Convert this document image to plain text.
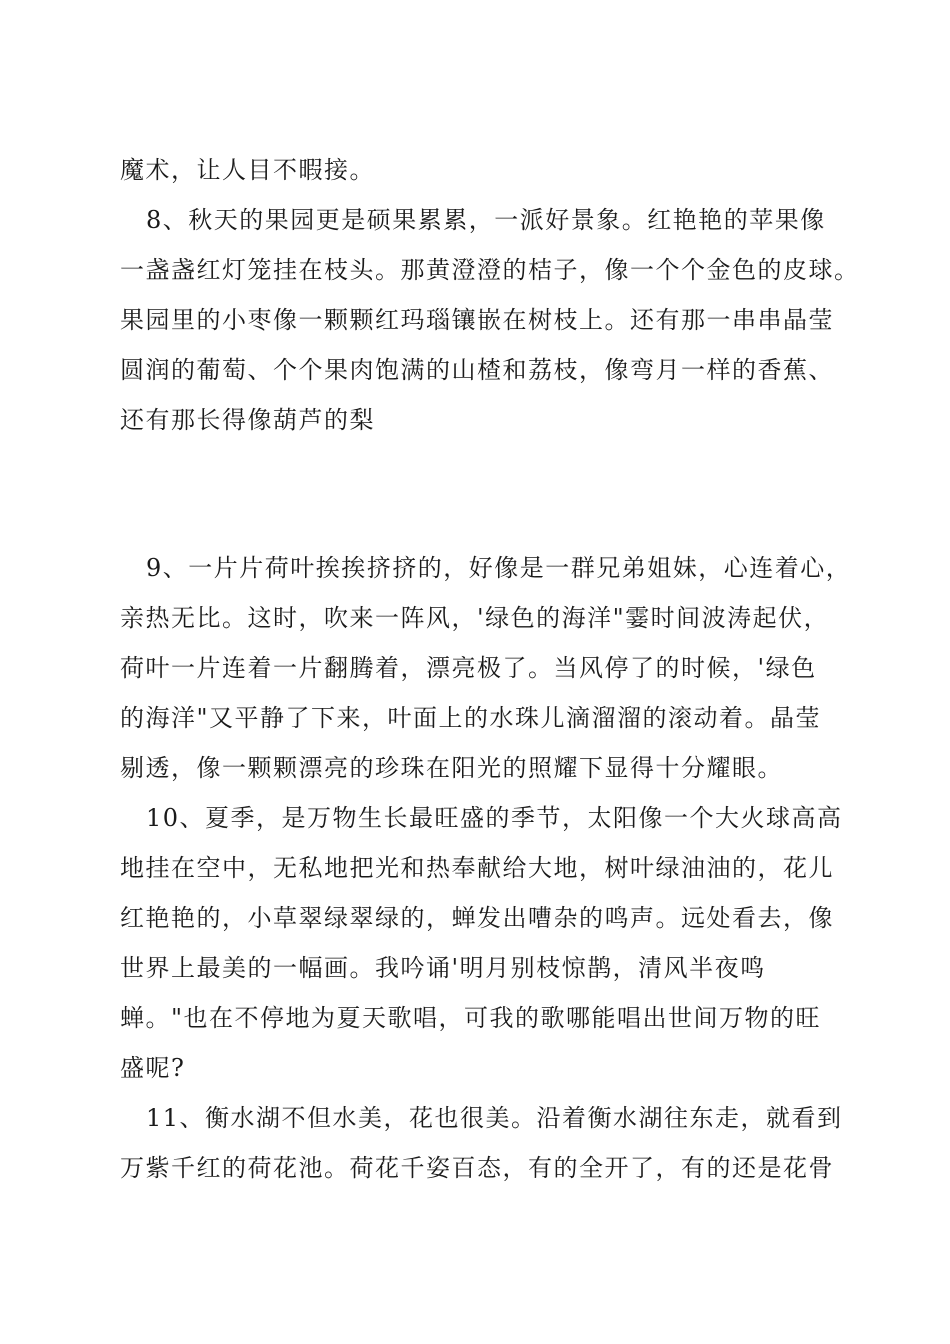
魔术，让人目不暇接。
8、秋天的果园更是硕果累累，一派好景象。红艳艳的苹果像
一盏盏红灯笼挂在枝头。那黄澄澄的桔子，像一个个金色的皮球。
果园里的小枣像一颗颗红玛瑙镶嵌在树枝上。还有那一串串晶莹
圆润的葡萄、个个果肉饱满的山楂和荔枝，像弯月一样的香蕉、
还有那长得像葫芦的梨
9、一片片荷叶挨挨挤挤的，好像是一群兄弟姐妹，心连着心，
亲热无比。这时，吹来一阵风，'绿色的海洋"霎时间波涛起伏，
荷叶一片连着一片翻腾着，漂亮极了。当风停了的时候，'绿色
的海洋"又平静了下来，叶面上的水珠儿滴溜溜的滚动着。晶莹
剔透，像一颗颗漂亮的珍珠在阳光的照耀下显得十分耀眼。
10、夏季，是万物生长最旺盛的季节，太阳像一个大火球高高
地挂在空中，无私地把光和热奉献给大地，树叶绿油油的，花儿
红艳艳的，小草翠绿翠绿的，蝉发出嘈杂的鸣声。远处看去，像
世界上最美的一幅画。我吟诵'明月别枝惊鹊，清风半夜鸣
蝉。"也在不停地为夏天歌唱，可我的歌哪能唱出世间万物的旺
盛呢?
11、衡水湖不但水美，花也很美。沿着衡水湖往东走，就看到
万紫千红的荷花池。荷花千姿百态，有的全开了，有的还是花骨
